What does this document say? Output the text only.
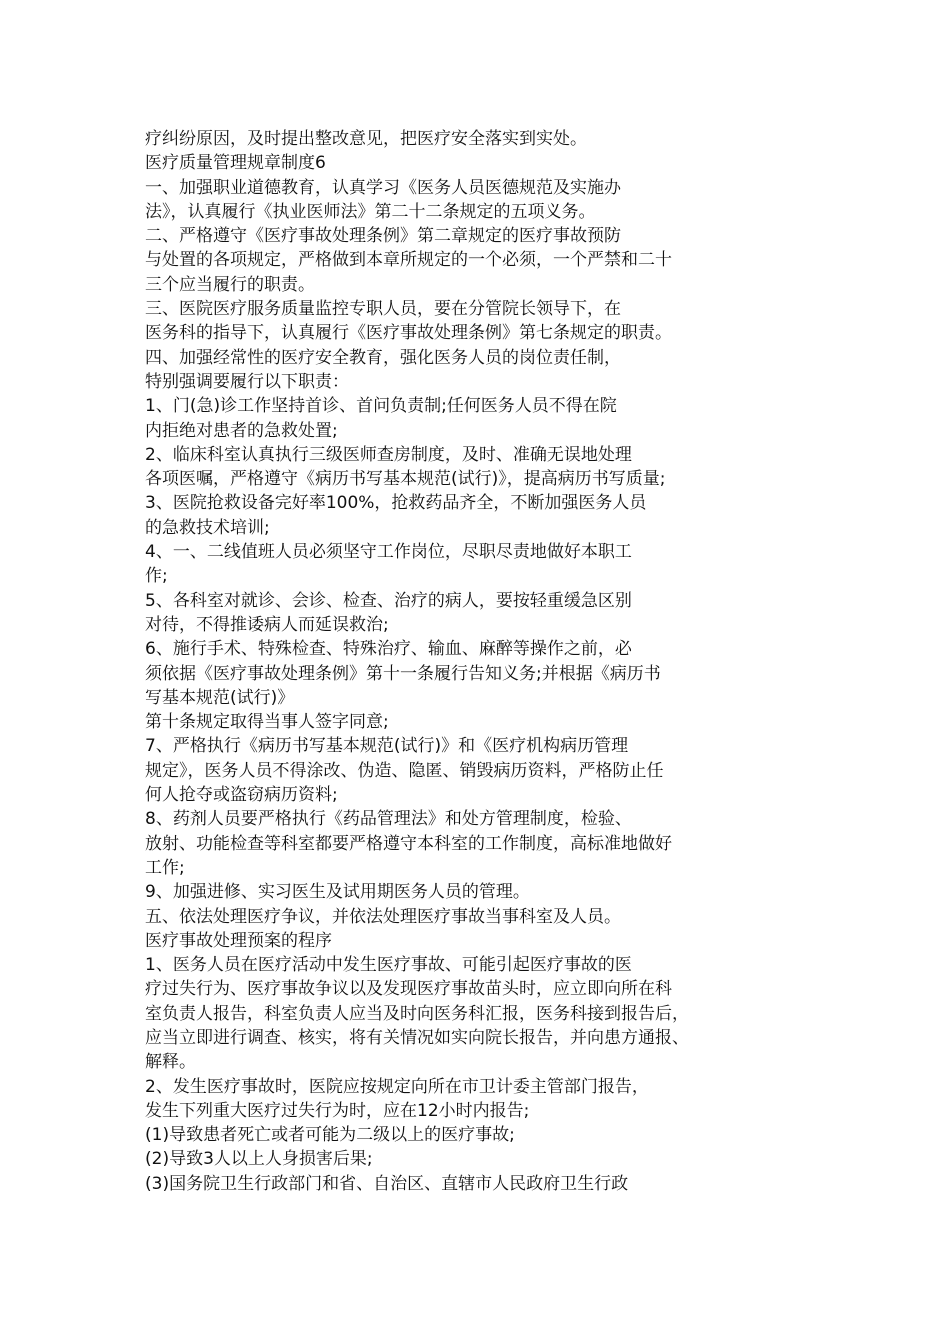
疗纠纷原因，及时提出整改意见，把医疗安全落实到实处。
医疗质量管理规章制度6
一、加强职业道德教育，认真学习《医务人员医德规范及实施办
法》，认真履行《执业医师法》第二十二条规定的五项义务。
二、严格遵守《医疗事故处理条例》第二章规定的医疗事故预防
与处置的各项规定，严格做到本章所规定的一个必须，一个严禁和二十
三个应当履行的职责。
三、医院医疗服务质量监控专职人员，要在分管院长领导下，在
医务科的指导下，认真履行《医疗事故处理条例》第七条规定的职责。
四、加强经常性的医疗安全教育，强化医务人员的岗位责任制，
特别强调要履行以下职责：
1、门(急)诊工作坚持首诊、首问负责制;任何医务人员不得在院
内拒绝对患者的急救处置;
2、临床科室认真执行三级医师查房制度，及时、准确无误地处理
各项医嘱，严格遵守《病历书写基本规范(试行)》，提高病历书写质量;
3、医院抢救设备完好率100%，抢救药品齐全，不断加强医务人员
的急救技术培训;
4、一、二线值班人员必须坚守工作岗位，尽职尽责地做好本职工
作;
5、各科室对就诊、会诊、检查、治疗的病人，要按轻重缓急区别
对待，不得推诿病人而延误救治;
6、施行手术、特殊检查、特殊治疗、输血、麻醉等操作之前，必
须依据《医疗事故处理条例》第十一条履行告知义务;并根据《病历书
写基本规范(试行)》
第十条规定取得当事人签字同意;
7、严格执行《病历书写基本规范(试行)》和《医疗机构病历管理
规定》，医务人员不得涂改、伪造、隐匿、销毁病历资料，严格防止任
何人抢夺或盗窃病历资料;
8、药剂人员要严格执行《药品管理法》和处方管理制度，检验、
放射、功能检查等科室都要严格遵守本科室的工作制度，高标准地做好
工作;
9、加强进修、实习医生及试用期医务人员的管理。
五、依法处理医疗争议，并依法处理医疗事故当事科室及人员。
医疗事故处理预案的程序
1、医务人员在医疗活动中发生医疗事故、可能引起医疗事故的医
疗过失行为、医疗事故争议以及发现医疗事故苗头时，应立即向所在科
室负责人报告，科室负责人应当及时向医务科汇报，医务科接到报告后，
应当立即进行调查、核实，将有关情况如实向院长报告，并向患方通报、
解释。
2、发生医疗事故时，医院应按规定向所在市卫计委主管部门报告，
发生下列重大医疗过失行为时，应在12小时内报告;
(1)导致患者死亡或者可能为二级以上的医疗事故;
(2)导致3人以上人身损害后果;
(3)国务院卫生行政部门和省、自治区、直辖市人民政府卫生行政
